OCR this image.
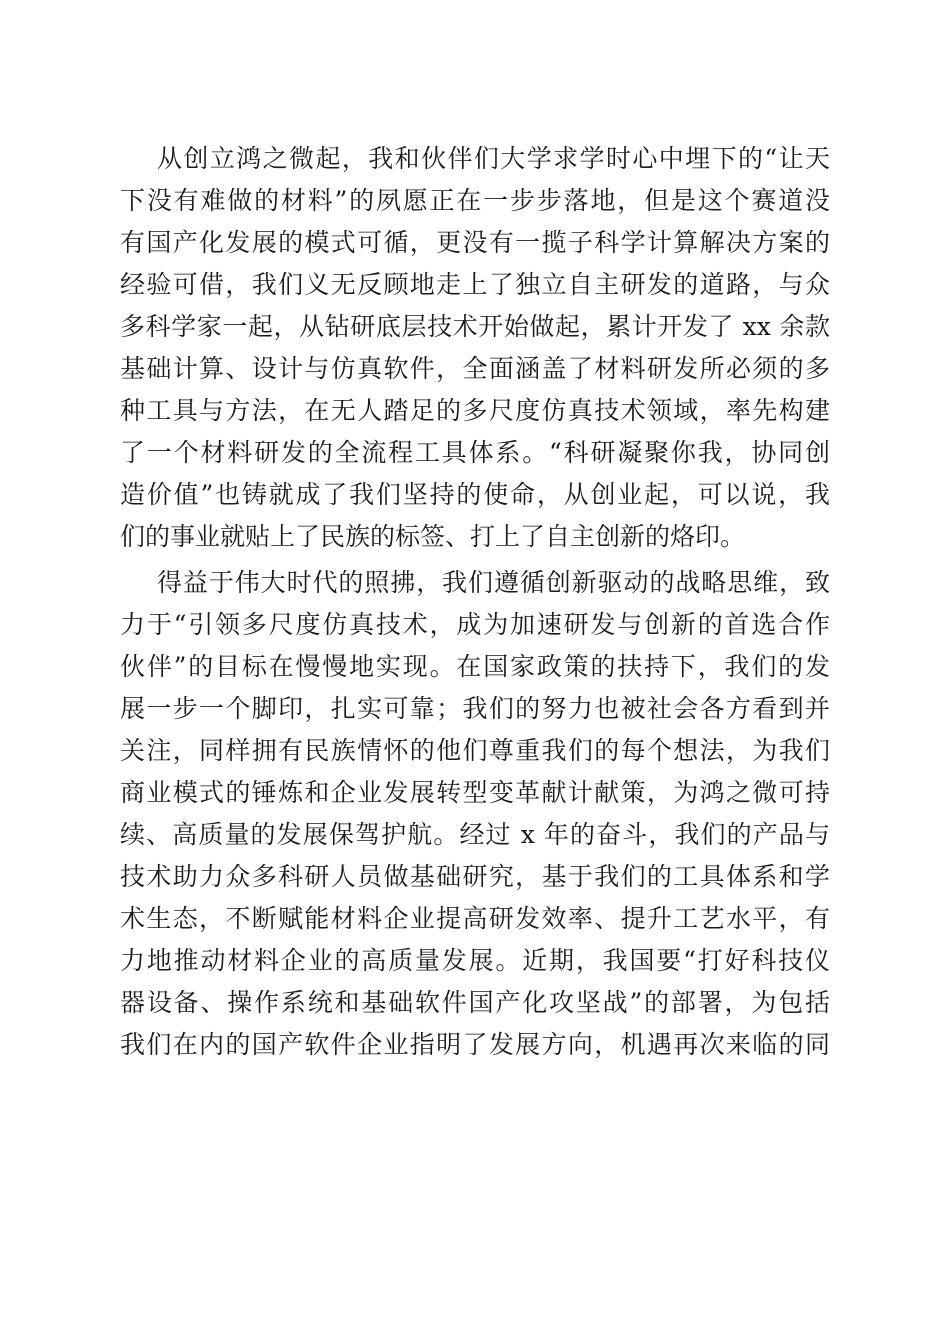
从创立鸿之微起，我和伙伴们大学求学时心中埋下的“让天
下没有难做的材料”的夙愿正在一步步落地，但是这个赛道没
有国产化发展的模式可循，更没有一揽子科学计算解决方案的
经验可借，我们义无反顾地走上了独立自主研发的道路，与众
多科学家一起，从钻研底层技术开始做起，累计开发了 xx 余款
基础计算、设计与仿真软件，全面涵盖了材料研发所必须的多
种工具与方法，在无人踏足的多尺度仿真技术领域，率先构建
了一个材料研发的全流程工具体系。“科研凝聚你我，协同创
造价值”也铸就成了我们坚持的使命，从创业起，可以说，我
们的事业就贴上了民族的标签、打上了自主创新的烙印。
得益于伟大时代的照拂，我们遵循创新驱动的战略思维，致
力于“引领多尺度仿真技术，成为加速研发与创新的首选合作
伙伴”的目标在慢慢地实现。在国家政策的扶持下，我们的发
展一步一个脚印，扎实可靠；我们的努力也被社会各方看到并
关注，同样拥有民族情怀的他们尊重我们的每个想法，为我们
商业模式的锤炼和企业发展转型变革献计献策，为鸿之微可持
续、高质量的发展保驾护航。经过 x 年的奋斗，我们的产品与
技术助力众多科研人员做基础研究，基于我们的工具体系和学
术生态，不断赋能材料企业提高研发效率、提升工艺水平，有
力地推动材料企业的高质量发展。近期，我国要“打好科技仪
器设备、操作系统和基础软件国产化攻坚战”的部署，为包括
我们在内的国产软件企业指明了发展方向，机遇再次来临的同
